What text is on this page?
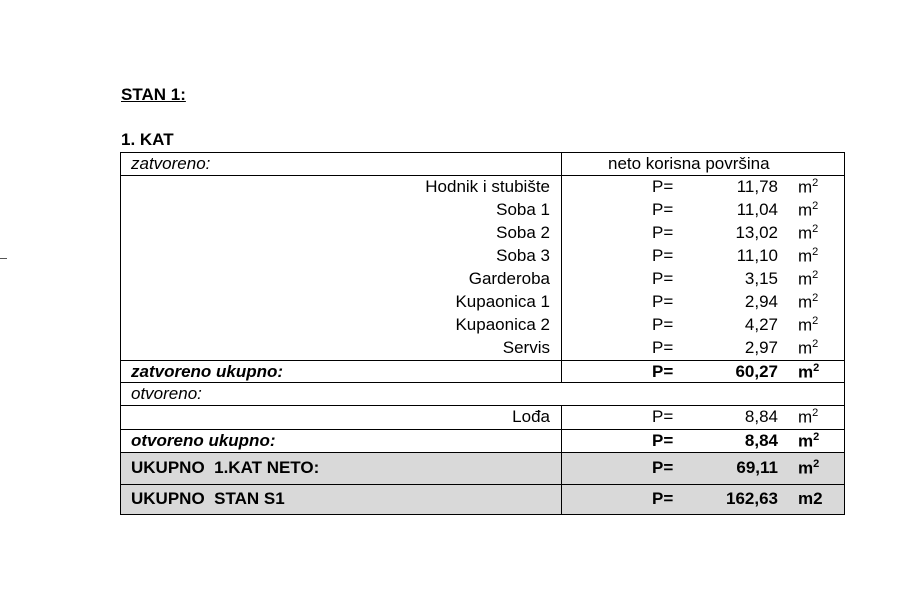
STAN 1:
1. KAT
zatvoreno:	neto korisna površina
Hodnik i stubište	P=	11,78 $m^2$
Soba 1	P=	11,04 $m^2$
Soba 2	P=	13,02 $m^2$
Soba 3	P=	11,10 $m^2$
Garderoba	P=	3,15 $m^2$
Kupaonica 1	P=	2,94 $m^2$
Kupaonica 2	P=	4,27 $m^2$
Servis	P=	2,97 $m^2$
zatvoreno ukupno:	P=	60,27 $m^2$
otvoreno:
Lođa	P=	8,84 $m^2$
otvoreno ukupno:	P=	8,84 $m^2$
UKUPNO  1.KAT NETO:	P=	69,11 $m^2$
UKUPNO  STAN S1	P=	162,63 m2
